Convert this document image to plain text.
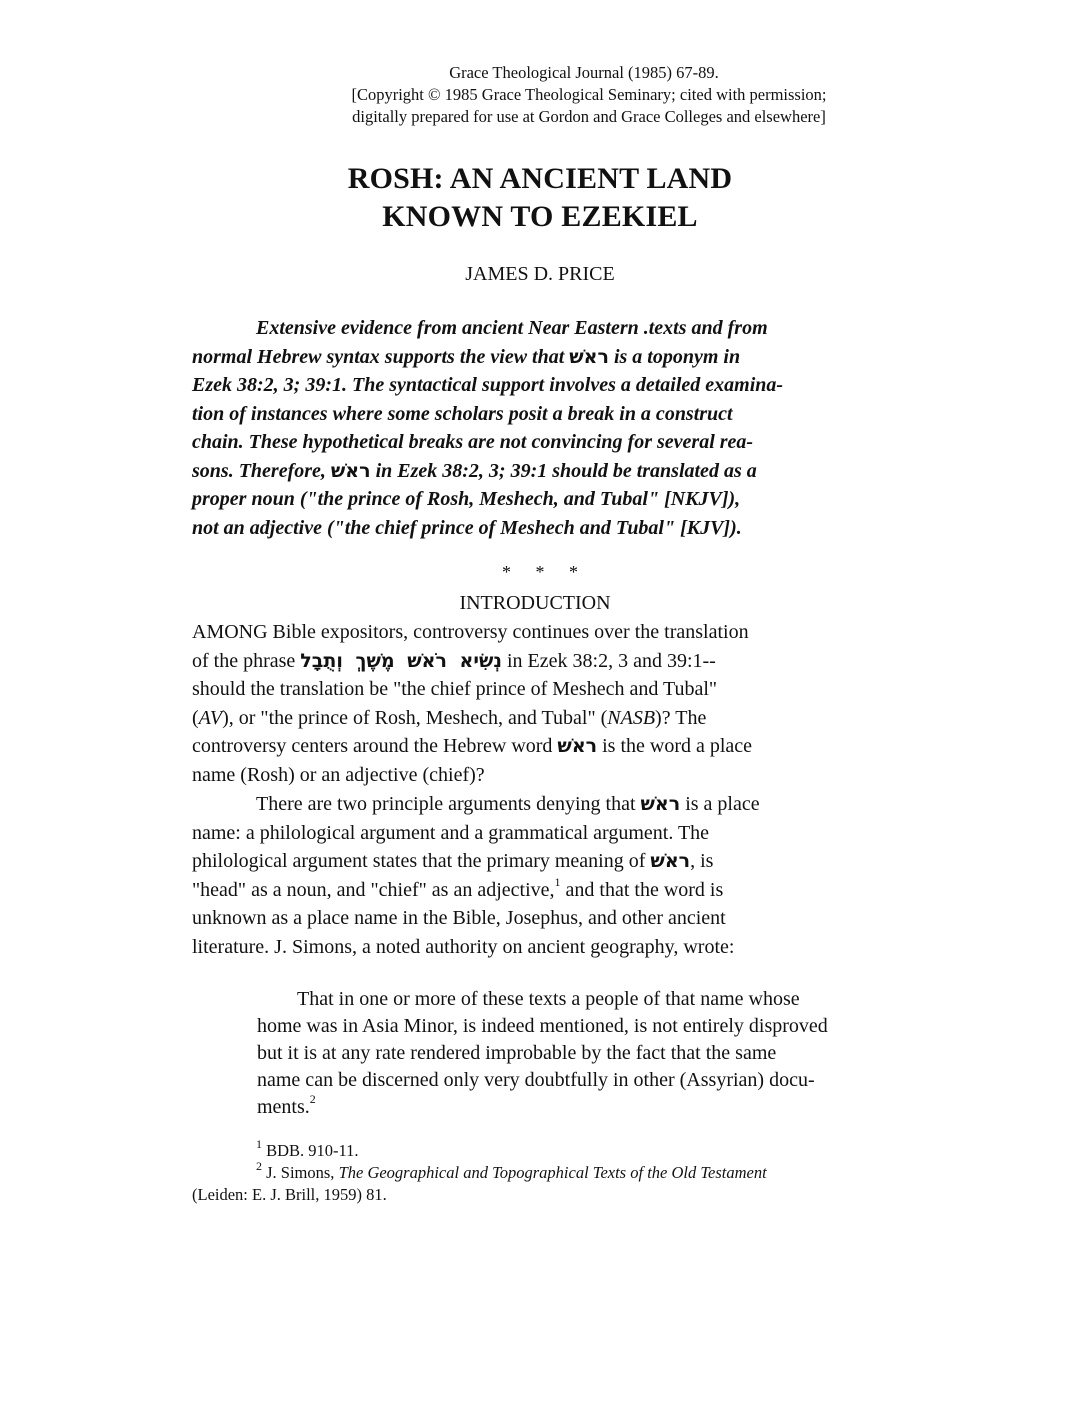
Grace Theological Journal (1985) 67-89.
[Copyright © 1985 Grace Theological Seminary; cited with permission;
digitally prepared for use at Gordon and Grace Colleges and elsewhere]
ROSH: AN ANCIENT LAND
KNOWN TO EZEKIEL
JAMES D. PRICE
Extensive evidence from ancient Near Eastern .texts and from
normal Hebrew syntax supports the view that ראשׁ is a toponym in
Ezek 38:2, 3; 39:1. The syntactical support involves a detailed examina-
tion of instances where some scholars posit a break in a construct
chain. These hypothetical breaks are not convincing for several rea-
sons. Therefore, ראשׁ in Ezek 38:2, 3; 39:1 should be translated as a
proper noun ("the prince of Rosh, Meshech, and Tubal" [NKJV]),
not an adjective ("the chief prince of Meshech and Tubal" [KJV]).
* * *
INTRODUCTION
AMONG Bible expositors, controversy continues over the translation
of the phrase נְשִׂיא רֹאשׁ מֶשֶׁךְ וְתֻבָל in Ezek 38:2, 3 and 39:1--
should the translation be "the chief prince of Meshech and Tubal"
(AV), or "the prince of Rosh, Meshech, and Tubal" (NASB)? The
controversy centers around the Hebrew word ראשׁ is the word a place
name (Rosh) or an adjective (chief)?
There are two principle arguments denying that ראשׁ is a place
name: a philological argument and a grammatical argument. The
philological argument states that the primary meaning of ראשׁ, is
"head" as a noun, and "chief" as an adjective,$^1$ and that the word is
unknown as a place name in the Bible, Josephus, and other ancient
literature. J. Simons, a noted authority on ancient geography, wrote:
That in one or more of these texts a people of that name whose
home was in Asia Minor, is indeed mentioned, is not entirely disproved
but it is at any rate rendered improbable by the fact that the same
name can be discerned only very doubtfully in other (Assyrian) docu-
ments.$^2$
$^1$ BDB. 910-11.
$^2$ J. Simons, The Geographical and Topographical Texts of the Old Testament
(Leiden: E. J. Brill, 1959) 81.
